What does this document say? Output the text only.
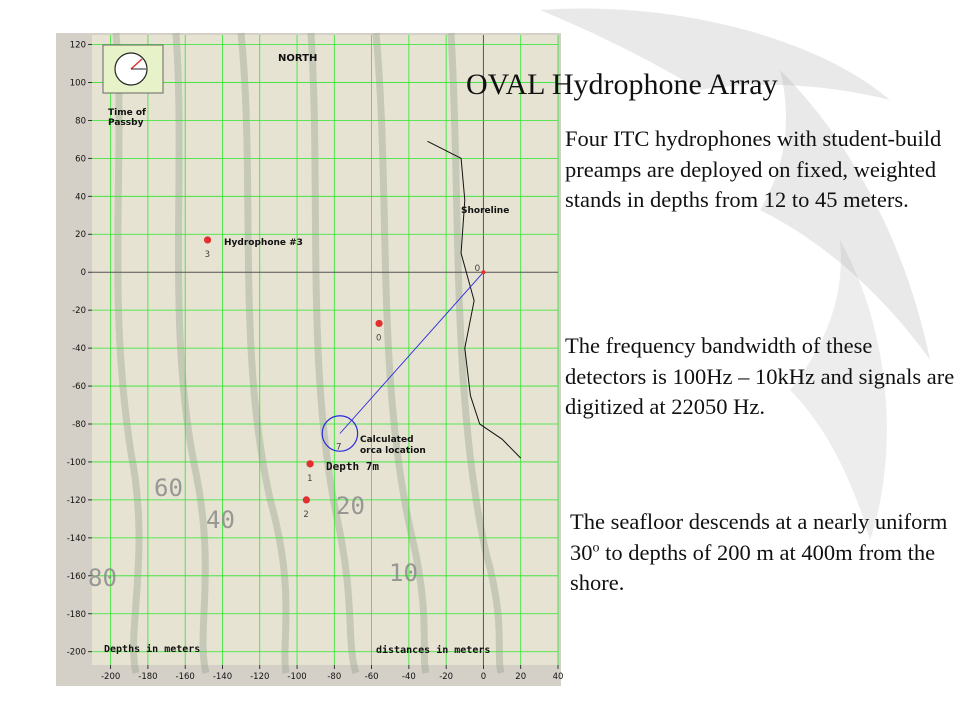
120
100
80
60
40
20
0
-20
-40
-60
-80
-100
-120
-140
-160
-180
-200
-200 -180 -160 -140 -120 -100 -80	-60	-40	-20	0	20	40
60
40	20
10
80
Time of Passby
NORTH
Shoreline
7
0
3
0
1
2
Hydrophone #3
Calculated orca location
Depth 7m
Depths in meters	distances in meters
OVAL Hydrophone Array
Four ITC hydrophones with student-build preamps are deployed on fixed, weighted stands in depths from 12 to 45 meters.
The frequency bandwidth of these detectors is 100Hz – 10kHz and signals are digitized at 22050 Hz.
The seafloor descends at a nearly uniform 30$^o$ to depths of 200 m at 400m from the shore.
